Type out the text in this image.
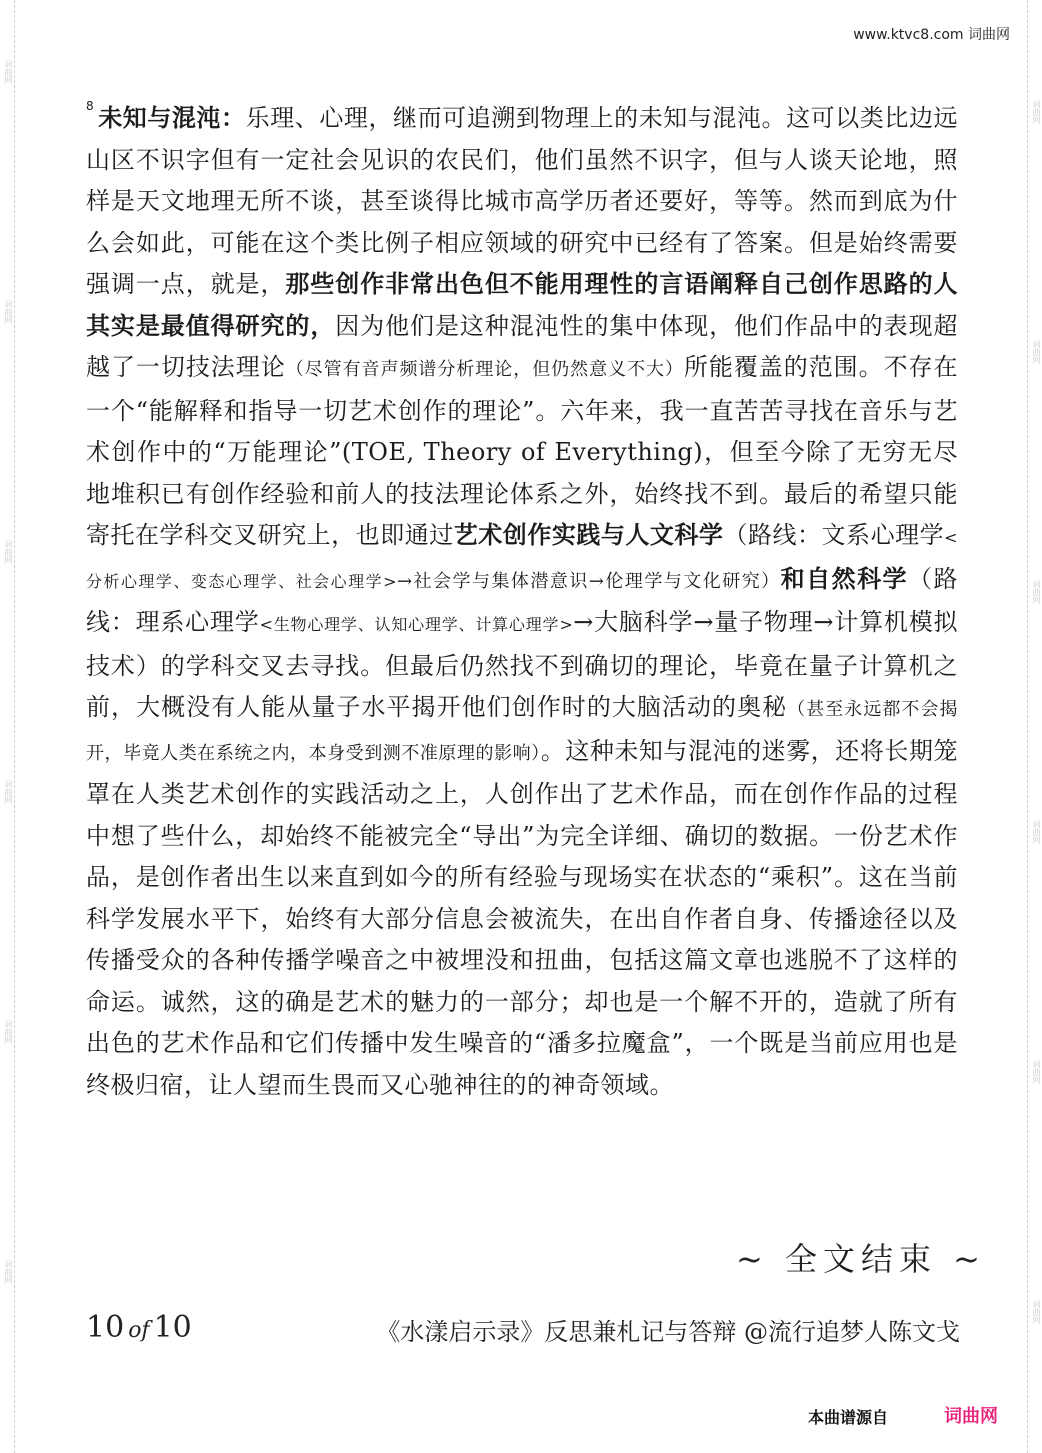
词曲网
词曲网
词曲网
词曲网
词曲网
词曲网
词曲网
词曲网
词曲网
词曲网
词曲网
词曲网
www.ktvc8.com 词曲网

$^8$ 未知与混沌：乐理、心理，继而可追溯到物理上的未知与混沌。这可以类比边远山区不识字但有一定社会见识的农民们，他们虽然不识字，但与人谈天论地，照样是天文地理无所不谈，甚至谈得比城市高学历者还要好，等等。然而到底为什么会如此，可能在这个类比例子相应领域的研究中已经有了答案。但是始终需要强调一点，就是，那些创作非常出色但不能用理性的言语阐释自己创作思路的人其实是最值得研究的，因为他们是这种混沌性的集中体现，他们作品中的表现超越了一切技法理论（尽管有音声频谱分析理论，但仍然意义不大）所能覆盖的范围。不存在一个“能解释和指导一切艺术创作的理论”。六年来，我一直苦苦寻找在音乐与艺术创作中的“万能理论”(TOE, Theory of Everything)，但至今除了无穷无尽地堆积已有创作经验和前人的技法理论体系之外，始终找不到。最后的希望只能寄托在学科交叉研究上，也即通过艺术创作实践与人文科学（路线：文系心理学<分析心理学、变态心理学、社会心理学>→社会学与集体潜意识→伦理学与文化研究）和自然科学（路线：理系心理学<生物心理学、认知心理学、计算心理学>→大脑科学→量子物理→计算机模拟技术）的学科交叉去寻找。但最后仍然找不到确切的理论，毕竟在量子计算机之前，大概没有人能从量子水平揭开他们创作时的大脑活动的奥秘（甚至永远都不会揭开，毕竟人类在系统之内，本身受到测不准原理的影响）。这种未知与混沌的迷雾，还将长期笼罩在人类艺术创作的实践活动之上，人创作出了艺术作品，而在创作作品的过程中想了些什么，却始终不能被完全“导出”为完全详细、确切的数据。一份艺术作品，是创作者出生以来直到如今的所有经验与现场实在状态的“乘积”。这在当前科学发展水平下，始终有大部分信息会被流失，在出自作者自身、传播途径以及传播受众的各种传播学噪音之中被埋没和扭曲，包括这篇文章也逃脱不了这样的命运。诚然，这的确是艺术的魅力的一部分；却也是一个解不开的，造就了所有出色的艺术作品和它们传播中发生噪音的“潘多拉魔盒”，一个既是当前应用也是终极归宿，让人望而生畏而又心驰神往的的神奇领域。

~ 全文结束 ~
10 of 10	《水漾启示录》反思兼札记与答辩 @流行追梦人陈文戈
本曲谱源自	词曲网
